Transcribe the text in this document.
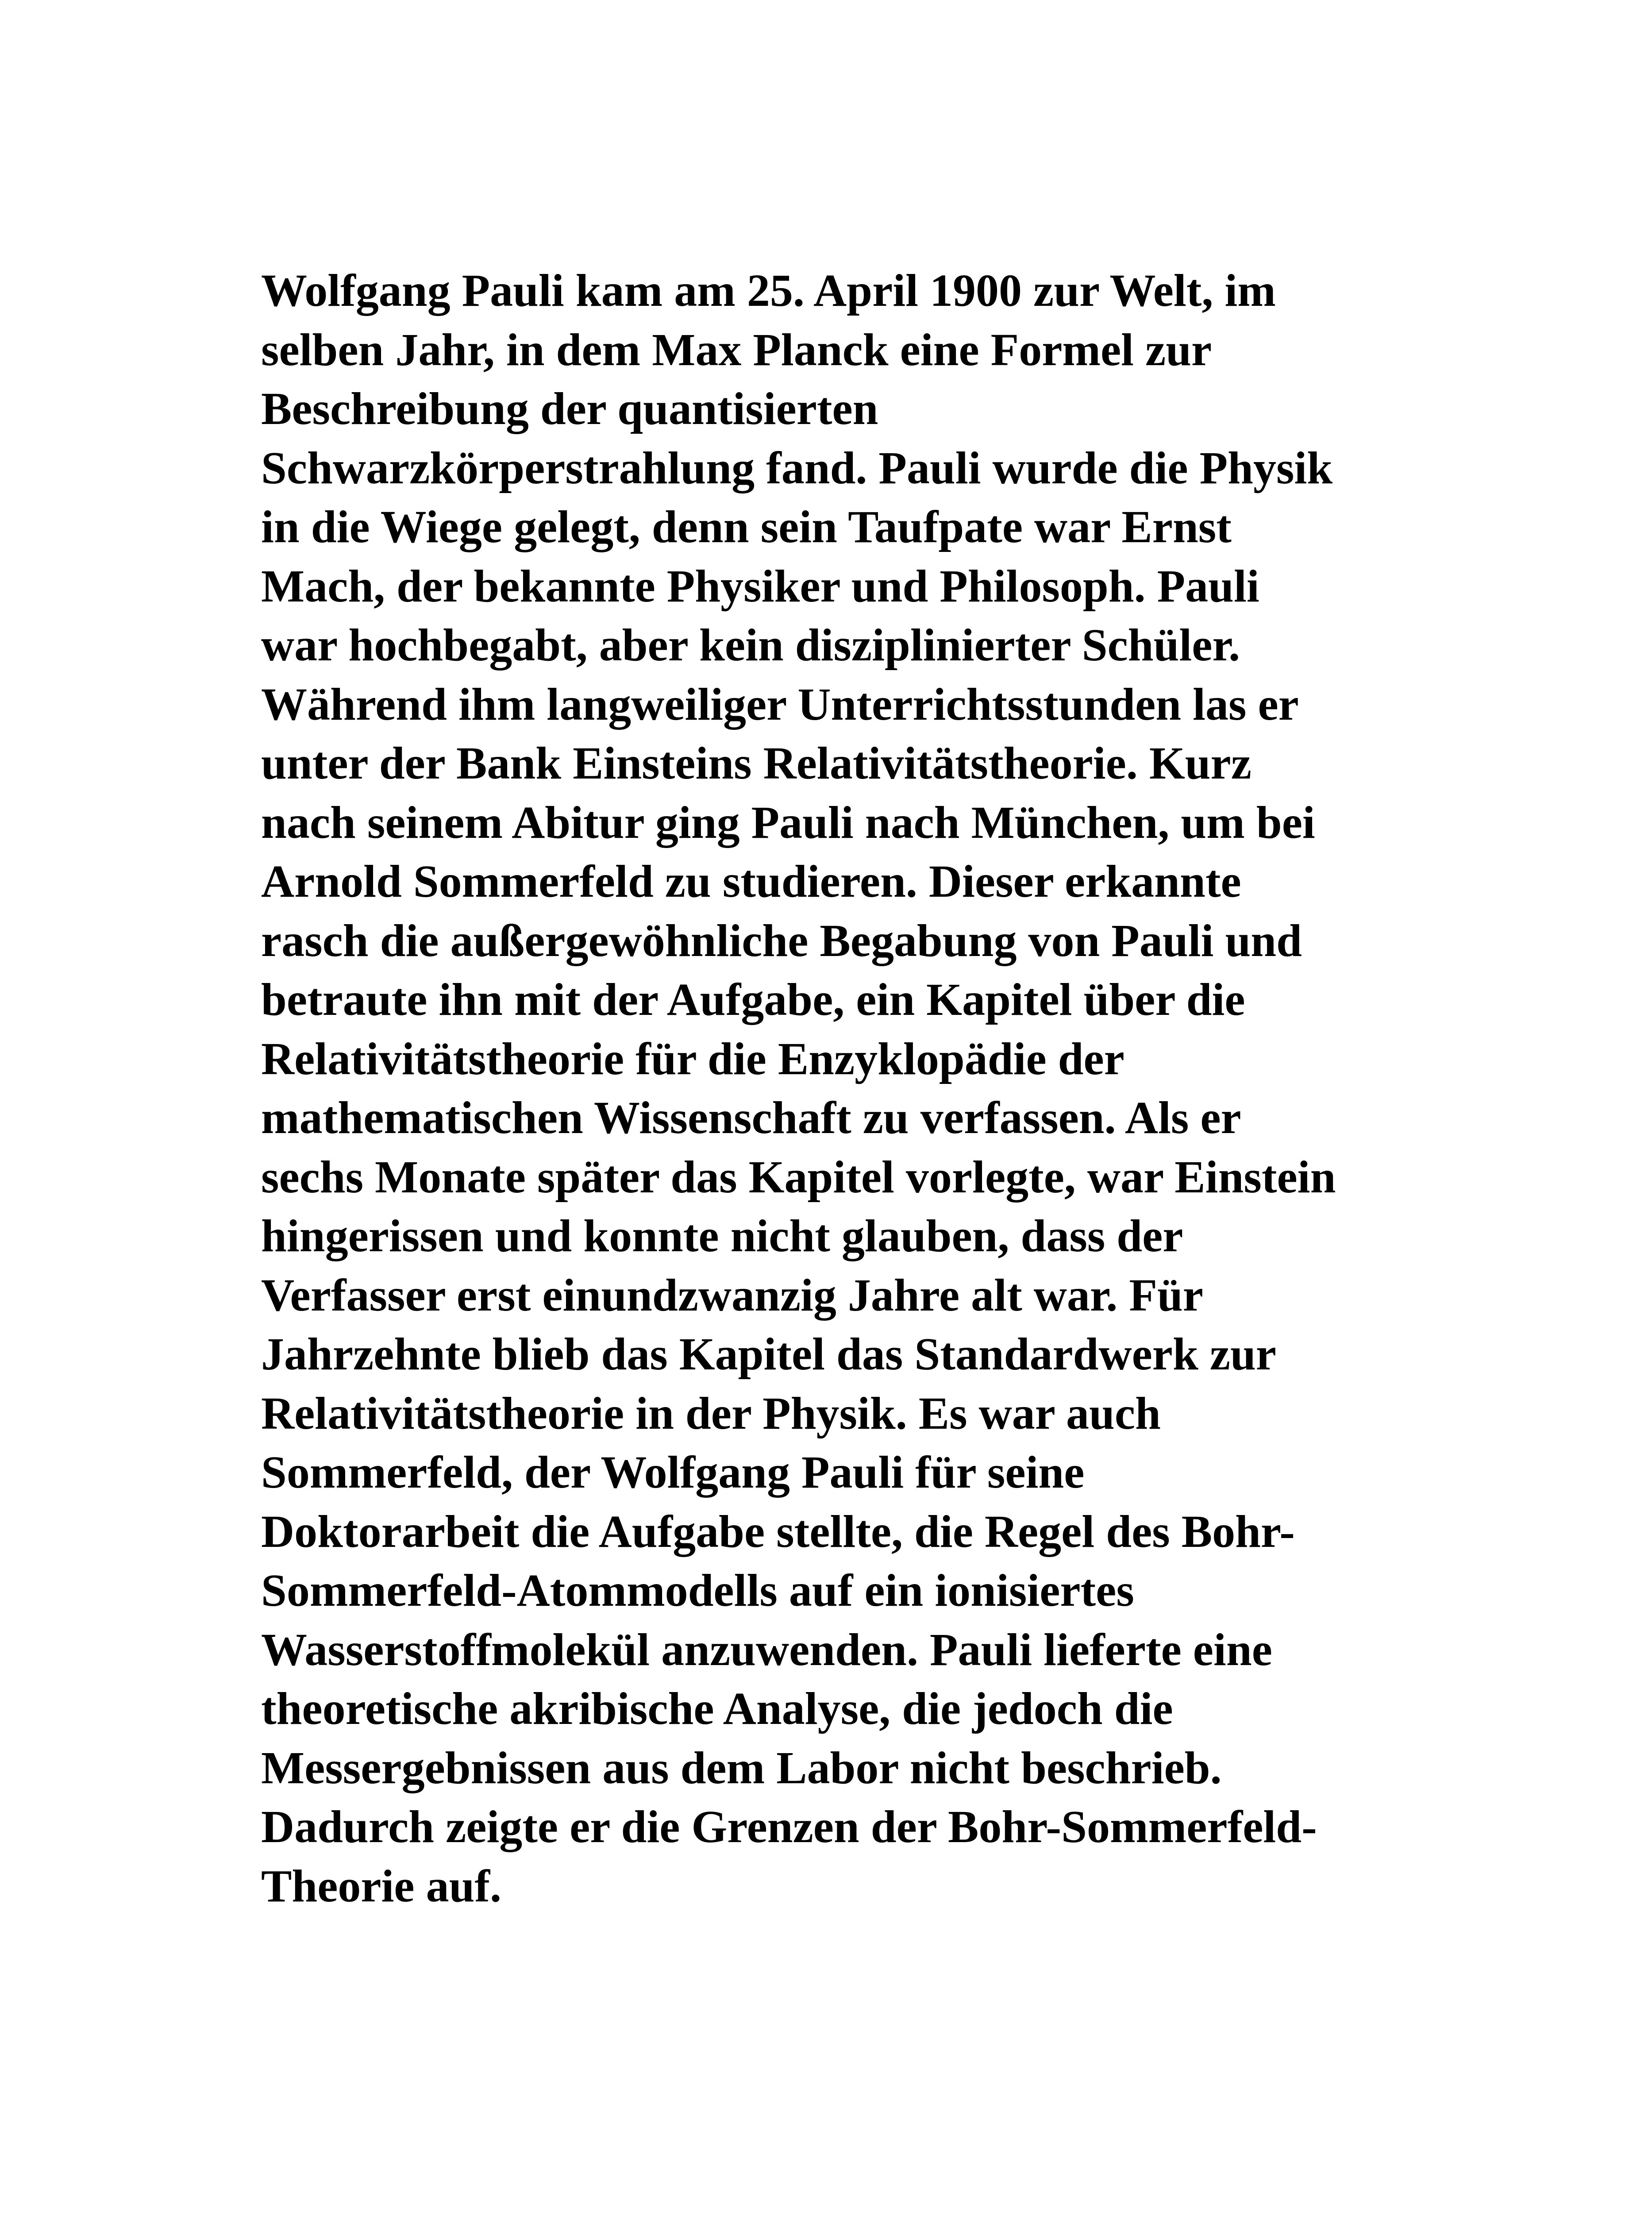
Wolfgang Pauli kam am 25. April 1900 zur Welt, im
selben Jahr, in dem Max Planck eine Formel zur
Beschreibung der quantisierten
Schwarzkörperstrahlung fand. Pauli wurde die Physik
in die Wiege gelegt, denn sein Taufpate war Ernst
Mach, der bekannte Physiker und Philosoph. Pauli
war hochbegabt, aber kein disziplinierter Schüler.
Während ihm langweiliger Unterrichtsstunden las er
unter der Bank Einsteins Relativitätstheorie. Kurz
nach seinem Abitur ging Pauli nach München, um bei
Arnold Sommerfeld zu studieren. Dieser erkannte
rasch die außergewöhnliche Begabung von Pauli und
betraute ihn mit der Aufgabe, ein Kapitel über die
Relativitätstheorie für die Enzyklopädie der
mathematischen Wissenschaft zu verfassen. Als er
sechs Monate später das Kapitel vorlegte, war Einstein
hingerissen und konnte nicht glauben, dass der
Verfasser erst einundzwanzig Jahre alt war. Für
Jahrzehnte blieb das Kapitel das Standardwerk zur
Relativitätstheorie in der Physik. Es war auch
Sommerfeld, der Wolfgang Pauli für seine
Doktorarbeit die Aufgabe stellte, die Regel des Bohr-
Sommerfeld-Atommodells auf ein ionisiertes
Wasserstoffmolekül anzuwenden. Pauli lieferte eine
theoretische akribische Analyse, die jedoch die
Messergebnissen aus dem Labor nicht beschrieb.
Dadurch zeigte er die Grenzen der Bohr-Sommerfeld-
Theorie auf.
